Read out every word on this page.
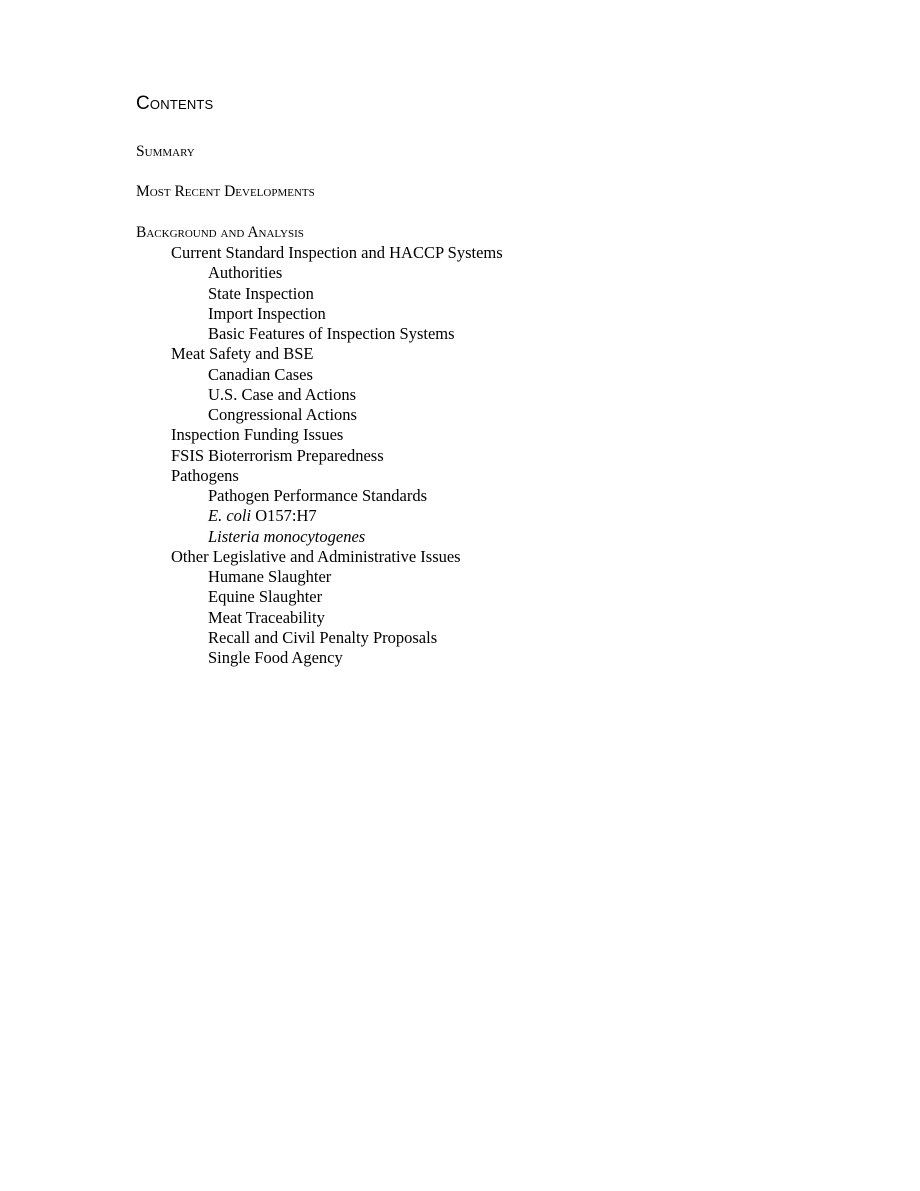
Contents
Summary
Most Recent Developments
Background and Analysis
Current Standard Inspection and HACCP Systems
Authorities
State Inspection
Import Inspection
Basic Features of Inspection Systems
Meat Safety and BSE
Canadian Cases
U.S. Case and Actions
Congressional Actions
Inspection Funding Issues
FSIS Bioterrorism Preparedness
Pathogens
Pathogen Performance Standards
E. coli O157:H7
Listeria monocytogenes
Other Legislative and Administrative Issues
Humane Slaughter
Equine Slaughter
Meat Traceability
Recall and Civil Penalty Proposals
Single Food Agency
